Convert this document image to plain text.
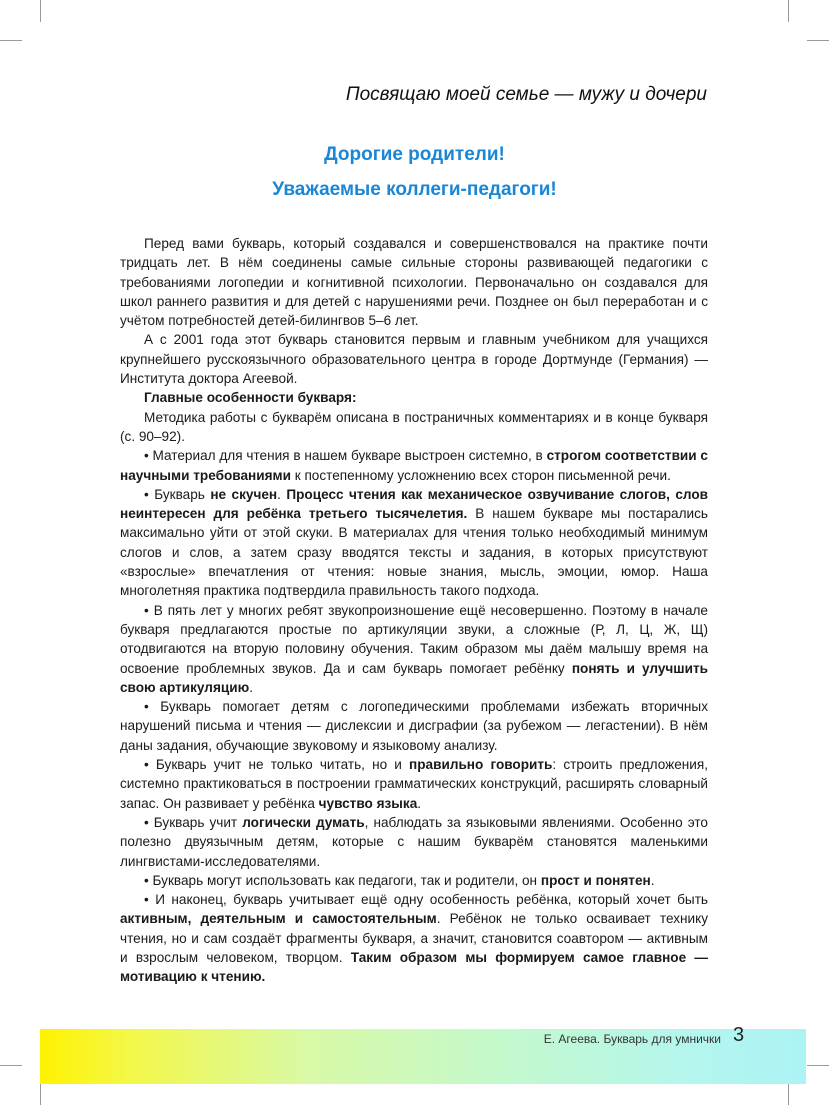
Посвящаю моей семье — мужу и дочери
Дорогие родители!
Уважаемые коллеги-педагоги!

Перед вами букварь, который создавался и совершенствовался на практике почти тридцать лет. В нём соединены самые сильные стороны развивающей педагогики с требованиями логопедии и когнитивной психологии. Первоначально он создавался для школ раннего развития и для детей с нарушениями речи. Позднее он был переработан и с учётом потребностей детей-билингвов 5–6 лет.

А с 2001 года этот букварь становится первым и главным учебником для учащихся крупнейшего русскоязычного образовательного центра в городе Дортмунде (Германия) — Института доктора Агеевой.

Главные особенности букваря:

Методика работы с букварём описана в постраничных комментариях и в конце букваря (с. 90–92).

• Материал для чтения в нашем букваре выстроен системно, в строгом соответствии с научными требованиями к постепенному усложнению всех сторон письменной речи.

• Букварь не скучен. Процесс чтения как механическое озвучивание слогов, слов неинтересен для ребёнка третьего тысячелетия. В нашем букваре мы постарались максимально уйти от этой скуки. В материалах для чтения только необходимый минимум слогов и слов, а затем сразу вводятся тексты и задания, в которых присутствуют «взрослые» впечатления от чтения: новые знания, мысль, эмоции, юмор. Наша многолетняя практика подтвердила правильность такого подхода.

• В пять лет у многих ребят звукопроизношение ещё несовершенно. Поэтому в начале букваря предлагаются простые по артикуляции звуки, а сложные (Р, Л, Ц, Ж, Щ) отодвигаются на вторую половину обучения. Таким образом мы даём малышу время на освоение проблемных звуков. Да и сам букварь помогает ребёнку понять и улучшить свою артикуляцию.

• Букварь помогает детям с логопедическими проблемами избежать вторичных нарушений письма и чтения — дислексии и дисграфии (за рубежом — легастении). В нём даны задания, обучающие звуковому и языковому анализу.

• Букварь учит не только читать, но и правильно говорить: строить предложения, системно практиковаться в построении грамматических конструкций, расширять словарный запас. Он развивает у ребёнка чувство языка.

• Букварь учит логически думать, наблюдать за языковыми явлениями. Особенно это полезно двуязычным детям, которые с нашим букварём становятся маленькими лингвистами-исследователями.

• Букварь могут использовать как педагоги, так и родители, он прост и понятен.

• И наконец, букварь учитывает ещё одну особенность ребёнка, который хочет быть активным, деятельным и самостоятельным. Ребёнок не только осваивает технику чтения, но и сам создаёт фрагменты букваря, а значит, становится соавтором — активным и взрослым человеком, творцом. Таким образом мы формируем самое главное — мотивацию к чтению.

Е. Агеева. Букварь для умнички 3
